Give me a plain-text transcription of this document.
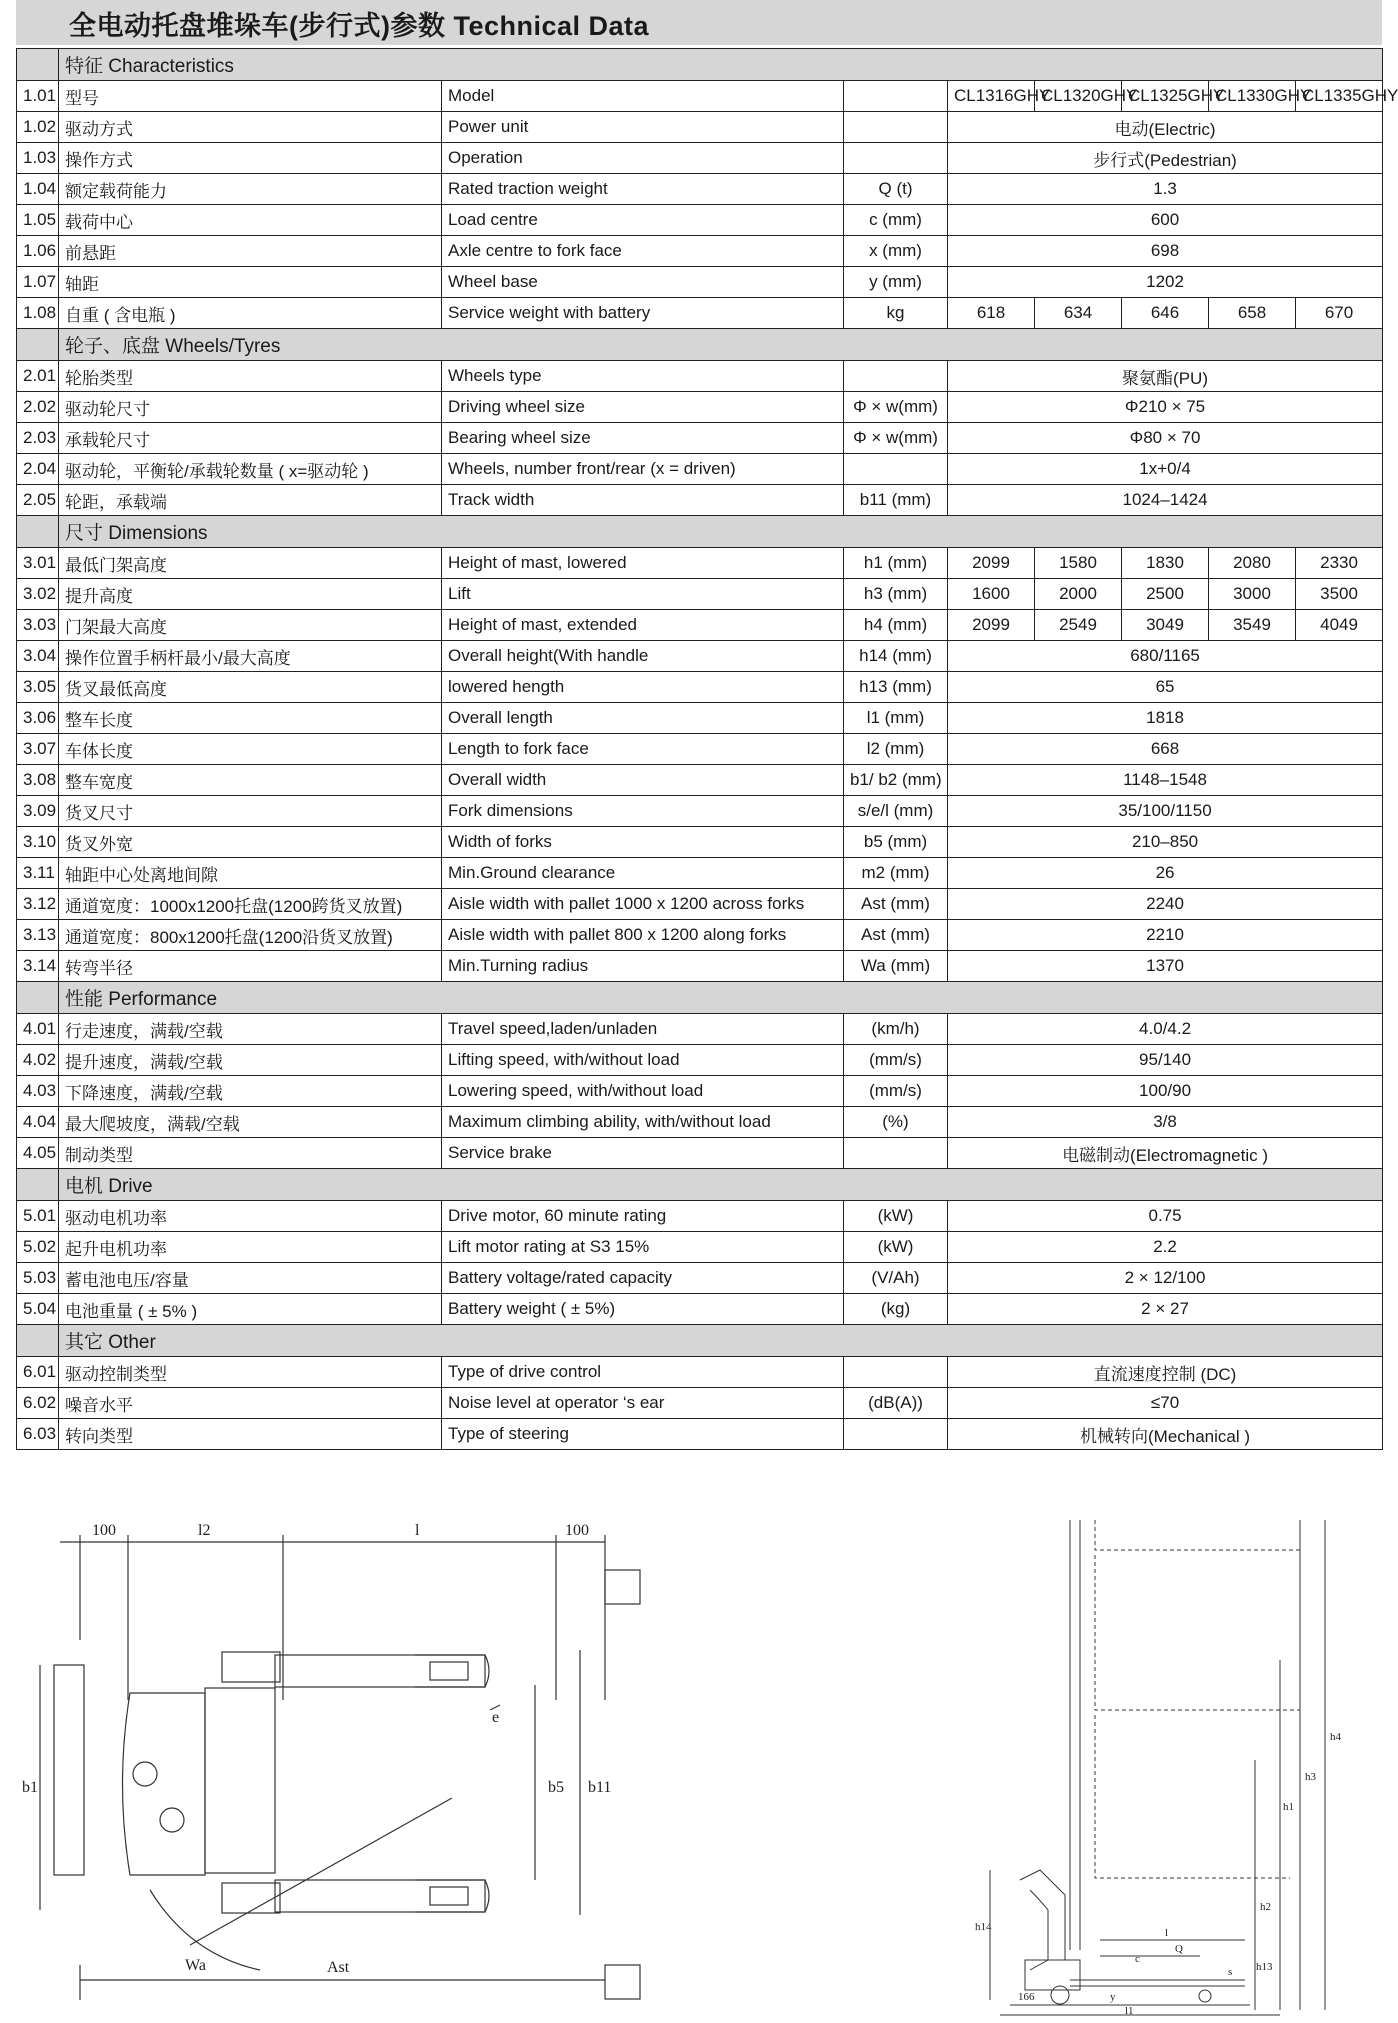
全电动托盘堆垛车(步行式)参数 Technical Data
	特征 Characteristics							
1.01	型号	Model		CL1316GHY	CL1320GHY	CL1325GHY	CL1330GHY	CL1335GHY
1.02	驱动方式	Power unit		电动(Electric)				
1.03	操作方式	Operation		步行式(Pedestrian)				
1.04	额定载荷能力	Rated traction weight	Q (t)	1.3				
1.05	载荷中心	Load centre	c (mm)	600				
1.06	前悬距	Axle centre to fork face	x (mm)	698				
1.07	轴距	Wheel base	y (mm)	1202				
1.08	自重 ( 含电瓶 )	Service weight with battery	kg	618	634	646	658	670
	轮子、底盘 Wheels/Tyres							
2.01	轮胎类型	Wheels type		聚氨酯(PU)				
2.02	驱动轮尺寸	Driving wheel size	Φ × w(mm)	Φ210 × 75				
2.03	承载轮尺寸	Bearing wheel size	Φ × w(mm)	Φ80 × 70				
2.04	驱动轮，平衡轮/承载轮数量 ( x=驱动轮 )	Wheels, number front/rear (x = driven)		1x+0/4				
2.05	轮距，承载端	Track width	b11 (mm)	1024–1424				
	尺寸 Dimensions							
3.01	最低门架高度	Height of mast, lowered	h1 (mm)	2099	1580	1830	2080	2330
3.02	提升高度	Lift	h3 (mm)	1600	2000	2500	3000	3500
3.03	门架最大高度	Height of mast, extended	h4 (mm)	2099	2549	3049	3549	4049
3.04	操作位置手柄杆最小/最大高度	Overall height(With handle	h14 (mm)	680/1165				
3.05	货叉最低高度	lowered hength	h13 (mm)	65				
3.06	整车长度	Overall length	l1 (mm)	1818				
3.07	车体长度	Length to fork face	l2 (mm)	668				
3.08	整车宽度	Overall width	b1/ b2 (mm)	1148–1548				
3.09	货叉尺寸	Fork dimensions	s/e/l (mm)	35/100/1150				
3.10	货叉外宽	Width of forks	b5 (mm)	210–850				
3.11	轴距中心处离地间隙	Min.Ground clearance	m2 (mm)	26				
3.12	通道宽度：1000x1200托盘(1200跨货叉放置)	Aisle width with pallet 1000 x 1200 across forks	Ast (mm)	2240				
3.13	通道宽度：800x1200托盘(1200沿货叉放置)	Aisle width with pallet 800 x 1200 along forks	Ast (mm)	2210				
3.14	转弯半径	Min.Turning radius	Wa (mm)	1370				
	性能 Performance							
4.01	行走速度，满载/空载	Travel speed,laden/unladen	(km/h)	4.0/4.2				
4.02	提升速度，满载/空载	Lifting speed, with/without load	(mm/s)	95/140				
4.03	下降速度，满载/空载	Lowering speed, with/without load	(mm/s)	100/90				
4.04	最大爬坡度，满载/空载	Maximum climbing ability, with/without load	(%)	3/8				
4.05	制动类型	Service brake		电磁制动(Electromagnetic )				
	电机 Drive							
5.01	驱动电机功率	Drive motor, 60 minute rating	(kW)	0.75				
5.02	起升电机功率	Lift motor rating at S3 15%	(kW)	2.2				
5.03	蓄电池电压/容量	Battery voltage/rated capacity	(V/Ah)	2 × 12/100				
5.04	电池重量 ( ± 5% )	Battery weight ( ± 5%)	(kg)	2 × 27				
	其它 Other							
6.01	驱动控制类型	Type of drive control		直流速度控制 (DC)				
6.02	噪音水平	Noise level at operator ‘s ear	(dB(A))	≤70				
6.03	转向类型	Type of steering		机械转向(Mechanical )				
100	l2	l	100
b1
e
b5 b11
Wa	Ast
h4
h3
h1
h2
h13
h14	l
c
Q
s
y
l1
166
